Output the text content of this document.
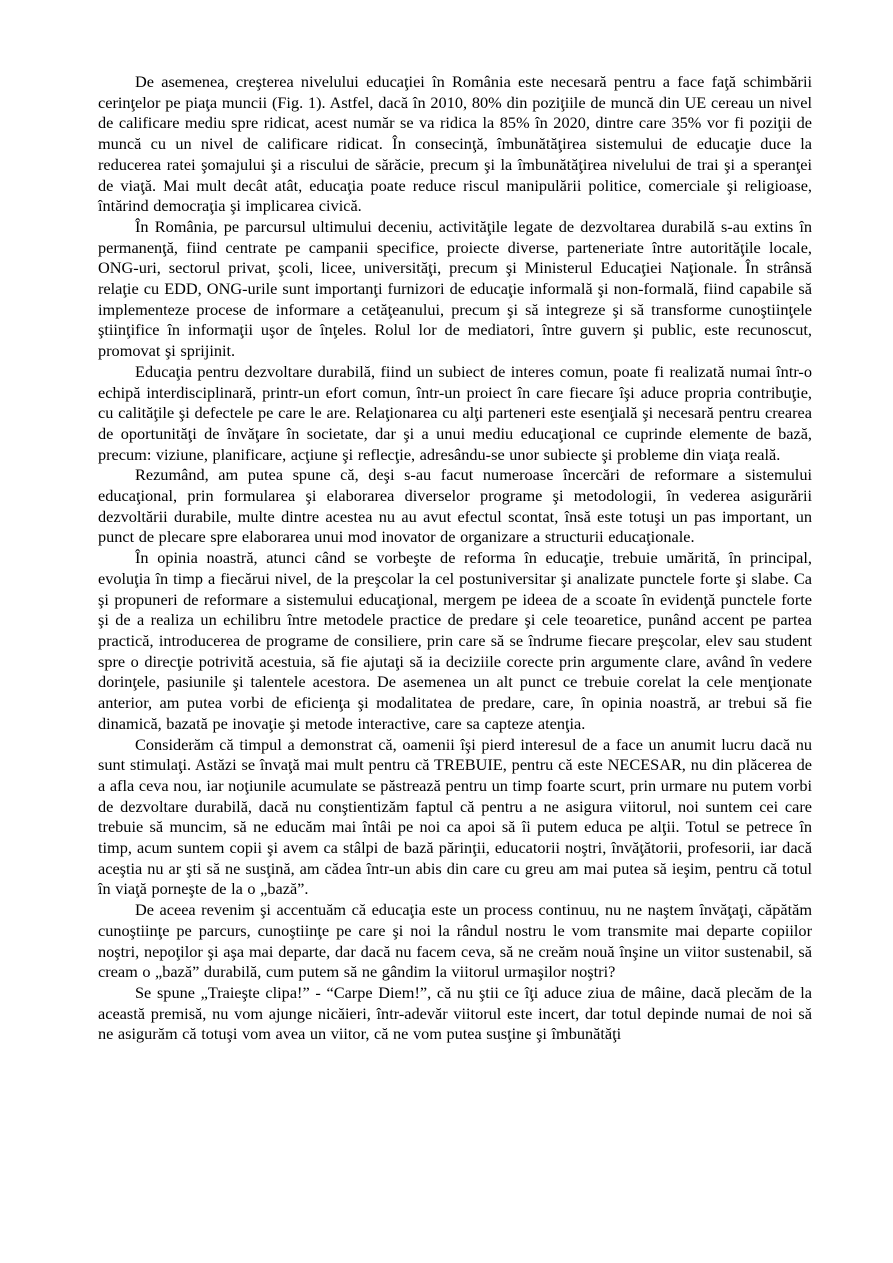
De asemenea, creşterea nivelului educaţiei în România este necesară pentru a face faţă schimbării cerinţelor pe piaţa muncii (Fig. 1). Astfel, dacă în 2010, 80% din poziţiile de muncă din UE cereau un nivel de calificare mediu spre ridicat, acest număr se va ridica la 85% în 2020, dintre care 35% vor fi poziţii de muncă cu un nivel de calificare ridicat. În consecinţă, îmbunătăţirea sistemului de educaţie duce la reducerea ratei şomajului şi a riscului de sărăcie, precum şi la îmbunătăţirea nivelului de trai şi a speranţei de viaţă. Mai mult decât atât, educaţia poate reduce riscul manipulării politice, comerciale şi religioase, întărind democraţia şi implicarea civică.

În România, pe parcursul ultimului deceniu, activităţile legate de dezvoltarea durabilă s-au extins în permanenţă, fiind centrate pe campanii specifice, proiecte diverse, parteneriate între autorităţile locale, ONG-uri, sectorul privat, şcoli, licee, universităţi, precum şi Ministerul Educaţiei Naţionale. În strânsă relaţie cu EDD, ONG-urile sunt importanţi furnizori de educaţie informală şi non-formală, fiind capabile să implementeze procese de informare a cetăţeanului, precum şi să integreze şi să transforme cunoştiinţele ştiinţifice în informaţii uşor de înţeles. Rolul lor de mediatori, între guvern şi public, este recunoscut, promovat şi sprijinit.

Educaţia pentru dezvoltare durabilă, fiind un subiect de interes comun, poate fi realizată numai într-o echipă interdisciplinară, printr-un efort comun, într-un proiect în care fiecare îşi aduce propria contribuţie, cu calităţile şi defectele pe care le are. Relaţionarea cu alţi parteneri este esenţială şi necesară pentru crearea de oportunităţi de învăţare în societate, dar şi a unui mediu educaţional ce cuprinde elemente de bază, precum: viziune, planificare, acţiune şi reflecţie, adresându-se unor subiecte şi probleme din viaţa reală.

Rezumând, am putea spune că, deşi s-au facut numeroase încercări de reformare a sistemului educaţional, prin formularea şi elaborarea diverselor programe şi metodologii, în vederea asigurării dezvoltării durabile, multe dintre acestea nu au avut efectul scontat, însă este totuşi un pas important, un punct de plecare spre elaborarea unui mod inovator de organizare a structurii educaţionale.

În opinia noastră, atunci când se vorbeşte de reforma în educaţie, trebuie umărită, în principal, evoluţia în timp a fiecărui nivel, de la preşcolar la cel postuniversitar şi analizate punctele forte şi slabe. Ca şi propuneri de reformare a sistemului educaţional, mergem pe ideea de a scoate în evidenţă punctele forte şi de a realiza un echilibru între metodele practice de predare şi cele teoaretice, punând accent pe partea practică, introducerea de programe de consiliere, prin care să se îndrume fiecare preşcolar, elev sau student spre o direcţie potrivită acestuia, să fie ajutaţi să ia deciziile corecte prin argumente clare, având în vedere dorinţele, pasiunile şi talentele acestora. De asemenea un alt punct ce trebuie corelat la cele menţionate anterior, am putea vorbi de eficienţa şi modalitatea de predare, care, în opinia noastră, ar trebui să fie dinamică, bazată pe inovaţie şi metode interactive, care sa capteze atenţia.

Considerăm că timpul a demonstrat că, oamenii îşi pierd interesul de a face un anumit lucru dacă nu sunt stimulaţi. Astăzi se învaţă mai mult pentru că TREBUIE, pentru că este NECESAR, nu din plăcerea de a afla ceva nou, iar noţiunile acumulate se păstrează pentru un timp foarte scurt, prin urmare nu putem vorbi de dezvoltare durabilă, dacă nu conştientizăm faptul că pentru a ne asigura viitorul, noi suntem cei care trebuie să muncim, să ne educăm mai întâi pe noi ca apoi să îi putem educa pe alţii. Totul se petrece în timp, acum suntem copii şi avem ca stâlpi de bază părinţii, educatorii noştri, învăţătorii, profesorii, iar dacă aceştia nu ar şti să ne susţină, am cădea într-un abis din care cu greu am mai putea să ieşim, pentru că totul în viaţă porneşte de la o „bază”.

De aceea revenim şi accentuăm că educaţia este un process continuu, nu ne naştem învăţaţi, căpătăm cunoştiinţe pe parcurs, cunoştiinţe pe care şi noi la rândul nostru le vom transmite mai departe copiilor noştri, nepoţilor şi aşa mai departe, dar dacă nu facem ceva, să ne creăm nouă înşine un viitor sustenabil, să cream o „bază” durabilă, cum putem să ne gândim la viitorul urmaşilor noştri?

Se spune „Traieşte clipa!” - “Carpe Diem!”, că nu ştii ce îţi aduce ziua de mâine, dacă plecăm de la această premisă, nu vom ajunge nicăieri, într-adevăr viitorul este incert, dar totul depinde numai de noi să ne asigurăm că totuşi vom avea un viitor, că ne vom putea susţine şi îmbunătăţi
